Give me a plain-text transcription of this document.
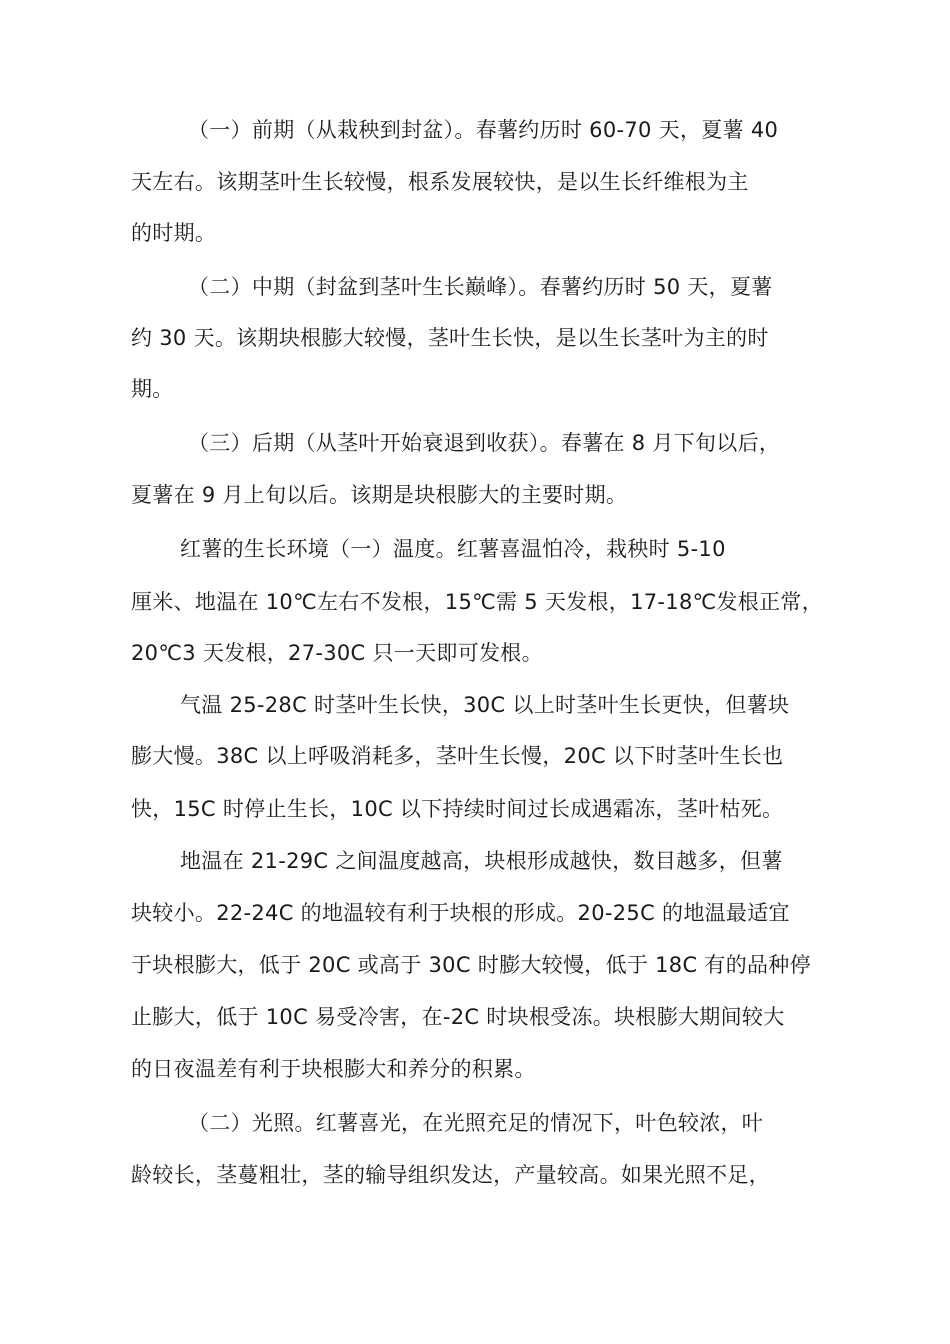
（一）前期（从栽秧到封盆）。春薯约历时 60-70 天，夏薯 40

天左右。该期茎叶生长较慢，根系发展较快，是以生长纤维根为主

的时期。

（二）中期（封盆到茎叶生长巅峰）。春薯约历时 50 天，夏薯

约 30 天。该期块根膨大较慢，茎叶生长快，是以生长茎叶为主的时

期。

（三）后期（从茎叶开始衰退到收获）。春薯在 8 月下旬以后，

夏薯在 9 月上旬以后。该期是块根膨大的主要时期。

红薯的生长环境（一）温度。红薯喜温怕冷，栽秧时 5-10

厘米、地温在 10℃左右不发根，15℃需 5 天发根，17-18℃发根正常，

20℃3 天发根，27-30C 只一天即可发根。

气温 25-28C 时茎叶生长快，30C 以上时茎叶生长更快，但薯块

膨大慢。38C 以上呼吸消耗多，茎叶生长慢，20C 以下时茎叶生长也

快，15C 时停止生长，10C 以下持续时间过长成遇霜冻，茎叶枯死。

地温在 21-29C 之间温度越高，块根形成越快，数目越多，但薯

块较小。22-24C 的地温较有利于块根的形成。20-25C 的地温最适宜

于块根膨大，低于 20C 或高于 30C 时膨大较慢，低于 18C 有的品种停

止膨大，低于 10C 易受冷害，在-2C 时块根受冻。块根膨大期间较大

的日夜温差有利于块根膨大和养分的积累。

（二）光照。红薯喜光，在光照充足的情况下，叶色较浓，叶

龄较长，茎蔓粗壮，茎的输导组织发达，产量较高。如果光照不足，
